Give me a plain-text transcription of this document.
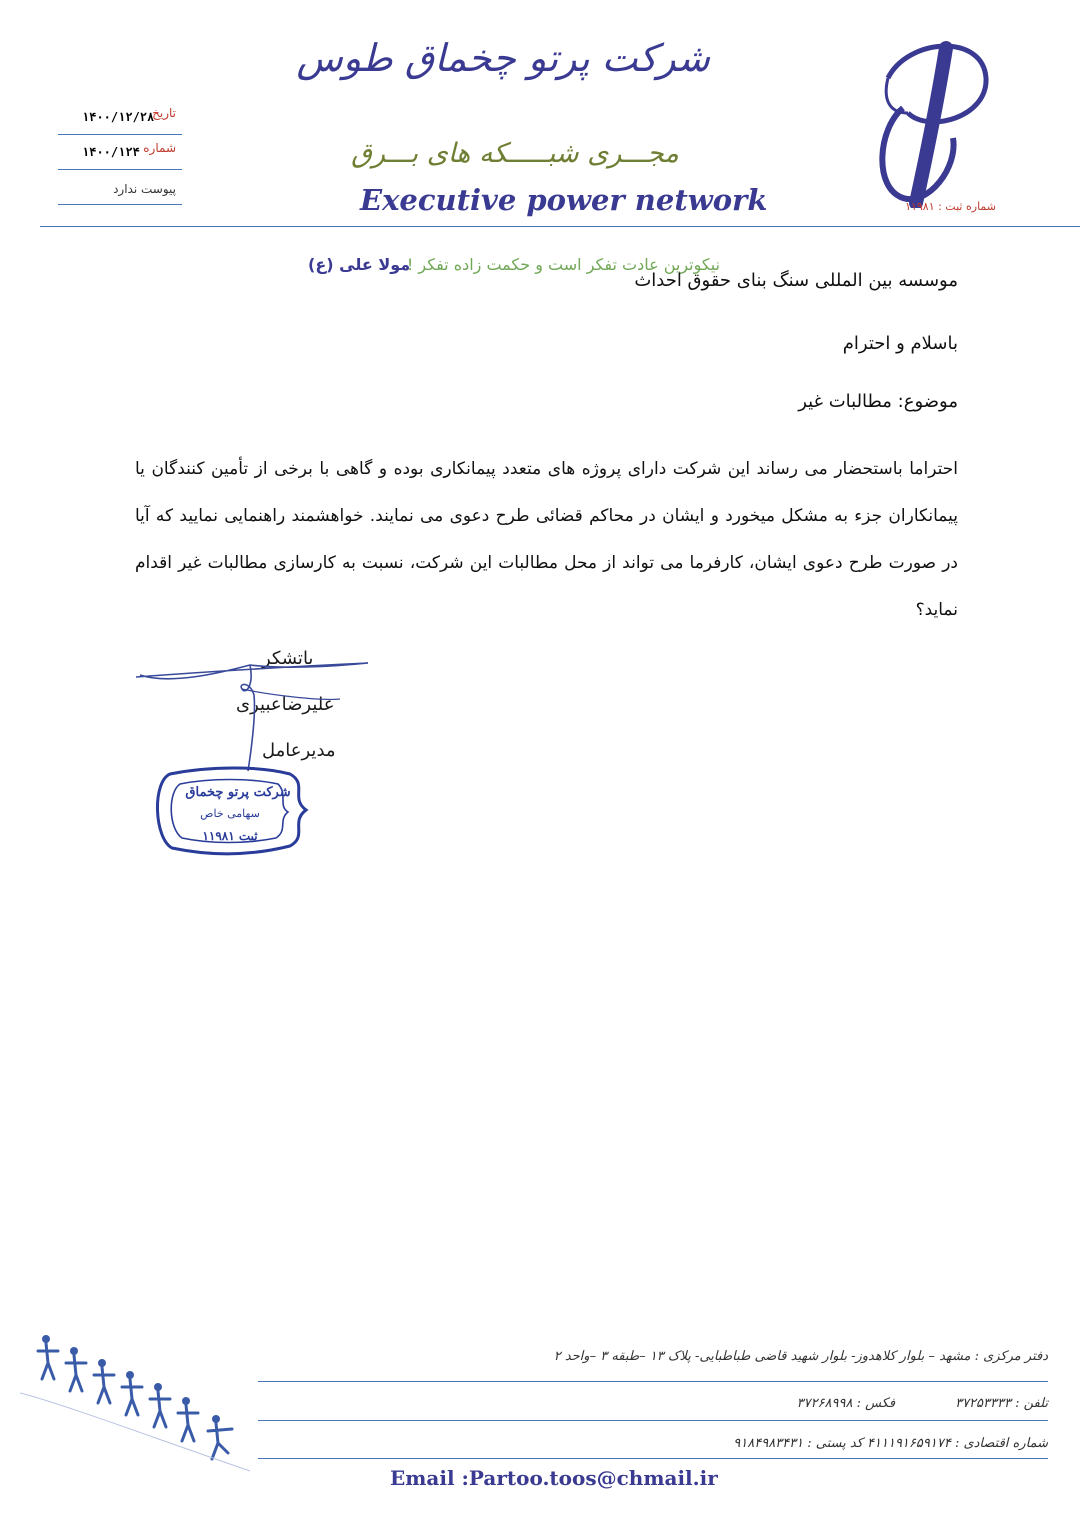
شماره ثبت : ۱۱۹۸۱
شرکت پرتو چخماق طوس
مجـــری شبـــــکه های بـــرق
Executive power network
تاریخ
۱۴۰۰/۱۲/۲۸
شماره
۱۴۰۰/۱۲۴
پیوست ندارد
نیکوترین عادت تفکر است و حکمت زاده تفکر !
مولا علی (ع)
موسسه بین المللی سنگ بنای حقوق احداث
باسلام و احترام
موضوع: مطالبات غیر
احتراما باستحضار می رساند این شرکت دارای پروژه های متعدد پیمانکاری بوده و گاهی با برخی از تأمین کنندگان یا پیمانکاران جزء به مشکل میخورد و ایشان در محاکم قضائی طرح دعوی می نمایند. خواهشمند راهنمایی نمایید که آیا در صورت طرح دعوی ایشان، کارفرما می تواند از محل مطالبات این شرکت، نسبت به کارسازی مطالبات غیر اقدام نماید؟
باتشکر
علیرضاعبیری
مدیرعامل
شرکت پرتو چخماق
سهامی خاص
ثبت ۱۱۹۸۱
دفتر مرکزی : مشهد – بلوار کلاهدوز- بلوار شهید قاضی طباطبایی- پلاک ۱۳ –طبقه ۳ –واحد ۲
تلفن : ۳۷۲۵۳۳۳۳فکس : ۳۷۲۶۸۹۹۸
شماره اقتصادی : ۴۱۱۱۹۱۶۵۹۱۷۴ کد پستی : ۹۱۸۴۹۸۳۴۳۱
Email :Partoo.toos@chmail.ir
